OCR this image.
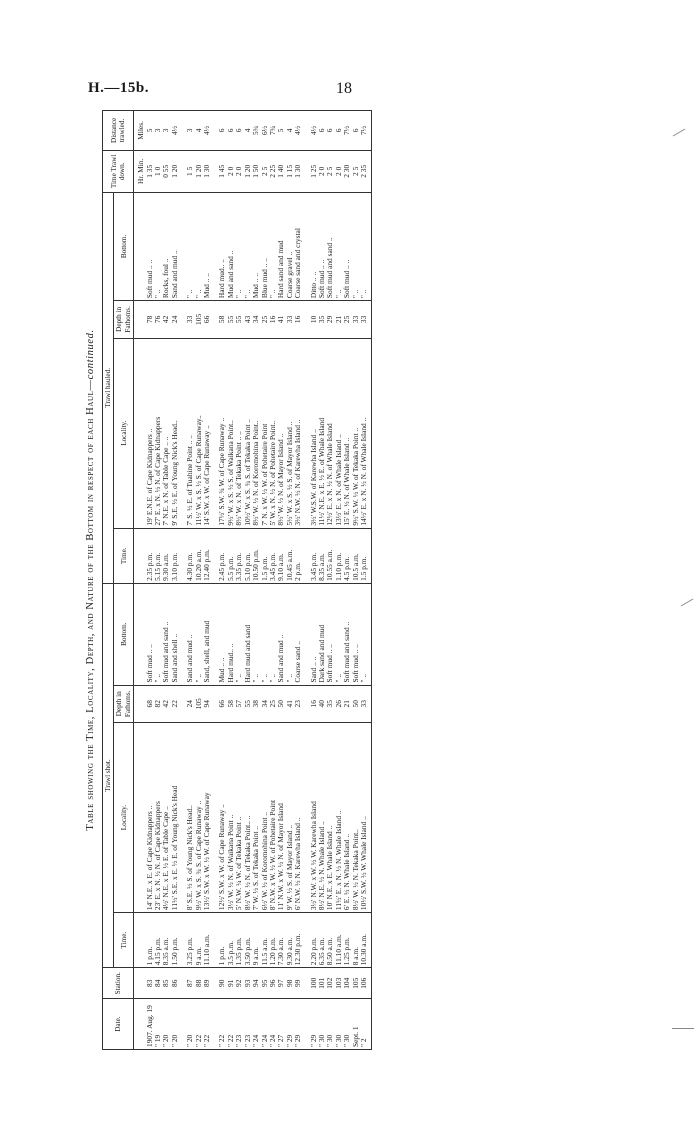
H.—15b.	18
Table showing the Time, Locality, Depth, and Nature of the Bottom in respect of each Haul—continued.
Date.	Station.	Trawl shot.				Trawl hauled.				Time Trawl down.	Distance trawled.
		Time.	Locality.	Depth in Fathoms.	Bottom.	Time.	Locality.	Depth in Fathoms.	Bottom.		
										Hr. Min.	Miles.
1907. Aug. 19	83	1 p.m.	14' N.E. x E. of Cape Kidnappers ..	68	Soft mud .. ..	2.35 p.m.	19' E.N.E. of Cape Kidnappers ..	78	Soft mud .. ..	1 35	5
" 19	84	4.15 p.m.	23' E. x N. ½ N. of Cape Kidnappers	82	" ..	5.15 p.m.	27' E. x N. ½ N. of Cape Kidnappers	76	" ..	1 0	3
" 20	85	8.35 a.m.	4½' N.E. x E. ½ E. of Table Cape ..	42	Soft mud and sand ..	9.30 a.m.	7' N.E. x N. of Table Cape .. ..	42	Rocks, foul ..	0 55	3
" 20	86	1.50 p.m.	11½' S.E. x E. ½ E. of Young Nick's Head	22	Sand and shell ..	3.10 p.m.	9' S.E. ½ E. of Young Nick's Head..	24	Sand and mud ..	1 20	4½

" 20	87	3.25 p.m.	8' S.E. ½ S. of Young Nick's Head..	24	Sand and mud ..	4.30 p.m.	7' S. ½ E. of Tuahine Point .. ..	33	" ..	1 5	3
" 22	88	9 a.m.	9½' W. x S. ¾ S. of Cape Runaway ..	105	" ..	10.20 a.m.	11½' W. x S. ½ S. of Cape Runaway..	105	" ..	1 20	4
" 22	89	11.10 a.m.	13½' S.W. x W. ½ W. of Cape Runaway	94	Sand, shell, and mud	12.40 p.m.	14' S.W. x W. of Cape Runaway ..	66	Mud .. ..	1 30	4½

" 22	90	1 p.m.	12½' S.W. x W. of Cape Runaway ..	66	Mud .. ..	2.45 p.m.	17½' S.W. ¾ W. of Cape Runaway ..	58	Hard mud.. ..	1 45	6
" 22	91	3.5 p.m.	3½' W. ½ N. of Waikana Point ..	58	Hard mud.. ..	5.5 p.m.	9½' W. x S. ½ S. of Waikana Point..	55	Mud and sand ..	2 0	6
" 23	92	1.35 p.m.	5' N.W. ¼ W. of Tekaka Point ..	57	" ..	3.35 p.m.	8½' W. x N. of Tekaka Point .. ..	55	" ..	2 0	6
" 23	93	3.50 p.m.	8½' W. ½ N. of Tekaka Point.. ..	55	Hard mud and sand	5.10 p.m.	10½' W. x S. ¾ S. of Tekaka Point ..	43	" ..	1 20	4
" 24	94	9 a.m.	7' W. ½ S. of Tekaka Point ..	38	" ..	10.50 p.m.	8½' W. ½ N. of Koromohina Point..	34	Mud .. ..	1 50	5¾
" 24	95	11.5 a.m.	6½' W. ½ of Koromohina Point ..	34	" ..	1.5 p.m.	7' N. x W. ½ W. of Pohetaire Point	25	Blue mud .. ..	2 5	6½
" 24	96	1.20 p.m.	8' N.W. x W. ½ W. of Pohetaire Point	25	" ..	3.45 p.m.	5' W. x N. ½ N. of Pohetaire Point..	16	" ..	2 25	7¾
" 27	97	7.30 a.m.	11' N.W. x W. ½ N. of Mayor Island	50	Sand and mud ..	9.10 a.m.	8½' W. ½ N. of Mayor Island ..	41	Hard sand and mud	1 40	5
" 29	98	9.30 a.m.	9' W. ½ S. of Mayor Island ..	41	" ..	10.45 a.m.	5½' W. x S. ½ S. of Mayor Island ..	33	Coarse gravel ..	1 15	4
" 29	99	12.30 p.m.	6' N.W. ½ N. Karewha Island ..	23	Coarse sand ..	2 p.m.	3½' N.W. ½ N. of Karewha Island ..	16	Coarse sand and crystal	1 30	4½

" 29	100	2.20 p.m.	3½' N.W. x W. ½ W. Karewha Island	16	Sand .. ..	3.45 p.m.	3½' W.S.W. of Karewha Island ..	10	Ditto .. ..	1 25	4½
" 30	101	6.35 a.m.	8½' N.E. ½ N. Whale Island ..	40	Dark sand and mud	8.35 a.m.	11½' N.E. x E. ½ E. of Whale Island	35	Soft mud .. ..	2 0	6
" 30	102	8.50 a.m.	10' N.E. x E. Whale Island ..	35	Soft mud .. ..	10.55 a.m.	12½' E. x N. ½ N. of Whale Island	29	Soft mud and sand ..	2 5	6
" 30	103	11.10 a.m.	11½' E. x N. ½ N. Whale Island ..	26	" ..	1.10 p.m.	13½' E. x N. of Whale Island ..	21	" ..	2 0	6
" 30	104	1.25 p.m.	6' E. ½ N. Whale Island ..	21	Soft mud and sand ..	4.5 p.m.	15' E. ½ N. of Whale Island ..	25	Soft mud .. ..	2 30	7½
Sept. 1	105	8 a.m.	8½' W. ½ N. Tekaka Point..	50	Soft mud .. ..	10.5 a.m.	9½' S.W. ½ W. of Tekaka Point ..	33	" ..	2 5	6
" 2	106	10.30 a.m.	10½' S.W. ½ W. Whale Island ..	33	" ..	1.5 p.m.	14½' E. x N. ½ N. of Whale Island ..	33	" ..	2 35	7½
